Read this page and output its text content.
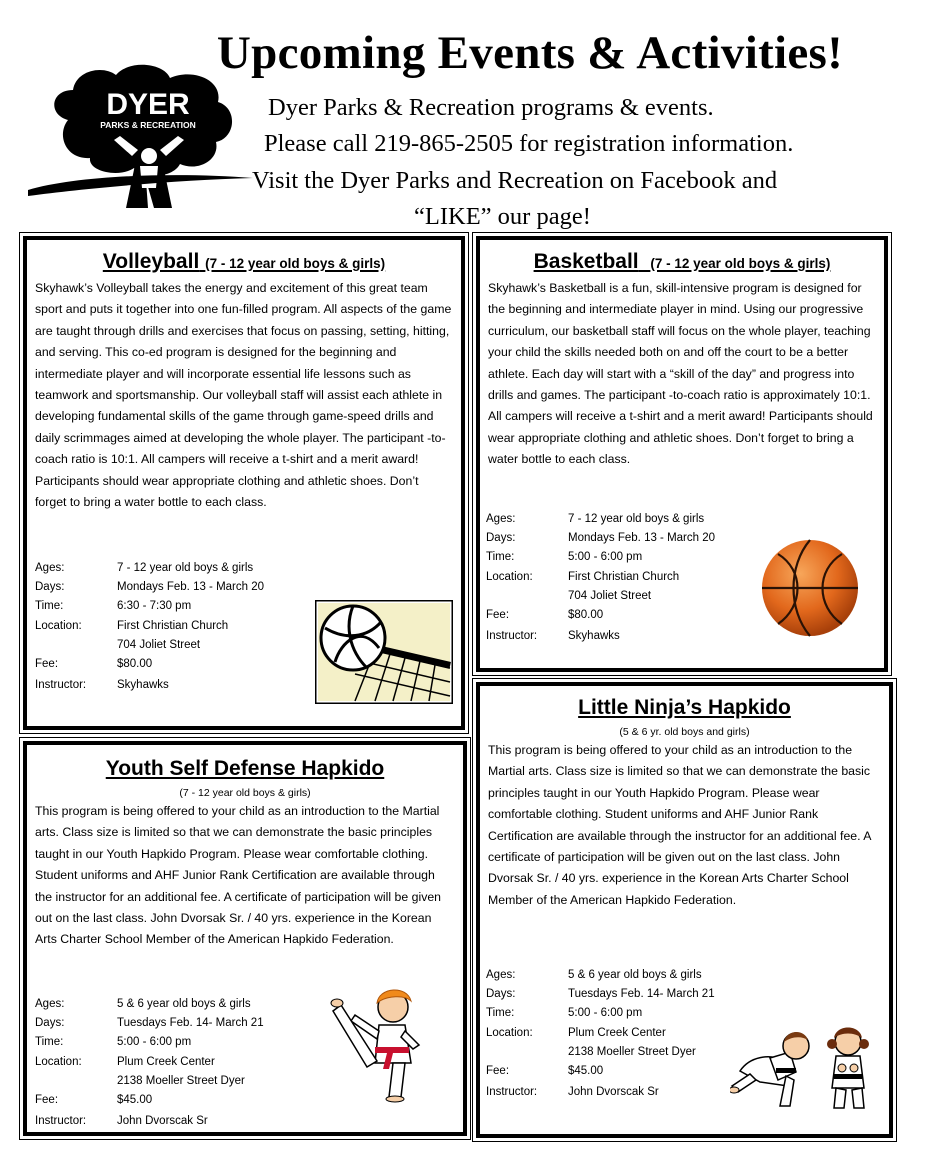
DYER
PARKS & RECREATION
Upcoming Events & Activities!
Dyer Parks & Recreation programs & events.
Please call 219-865-2505 for registration information.
Visit the Dyer Parks and Recreation on Facebook and
“LIKE” our page!
Volleyball (7 - 12 year old boys & girls)
Skyhawk’s Volleyball takes the energy and excitement of this great team sport and puts it together into one fun-filled program. All aspects of the game are taught through drills and exercises that focus on passing, setting, hitting, and serving. This co-ed program is designed for the beginning and intermediate player and will incorporate essential life lessons such as teamwork and sportsmanship. Our volleyball staff will assist each athlete in developing fundamental skills of the game through game-speed drills and daily scrimmages aimed at developing the whole player. The participant -to-coach ratio is 10:1. All campers will receive a t-shirt and a merit award! Participants should wear appropriate clothing and athletic shoes. Don’t forget to bring a water bottle to each class.
Ages:	7 - 12 year old boys & girls
Days:	Mondays Feb. 13 - March 20
Time:	6:30 - 7:30 pm
Location:	First Christian Church
704 Joliet Street
Fee:	$80.00
Instructor:	Skyhawks
Basketball (7 - 12 year old boys & girls)
Skyhawk’s Basketball is a fun, skill-intensive program is designed for the beginning and intermediate player in mind. Using our progressive curriculum, our basketball staff will focus on the whole player, teaching your child the skills needed both on and off the court to be a better athlete. Each day will start with a “skill of the day” and progress into drills and games. The participant -to-coach ratio is approximately 10:1. All campers will receive a t-shirt and a merit award! Participants should wear appropriate clothing and athletic shoes. Don’t forget to bring a water bottle to each class.
Ages:	7 - 12 year old boys & girls
Days:	Mondays Feb. 13 - March 20
Time:	5:00 - 6:00 pm
Location:	First Christian Church
704 Joliet Street
Fee:	$80.00
Instructor:	Skyhawks
Little Ninja’s Hapkido
(5 & 6 yr. old boys and girls)
This program is being offered to your child as an introduction to the Martial arts. Class size is limited so that we can demonstrate the basic principles taught in our Youth Hapkido Program. Please wear comfortable clothing. Student uniforms and AHF Junior Rank Certification are available through the instructor for an additional fee. A certificate of participation will be given out on the last class. John Dvorsak Sr. / 40 yrs. experience in the Korean Arts Charter School Member of the American Hapkido Federation.
Ages:	5 & 6 year old boys & girls
Days:	Tuesdays Feb. 14- March 21
Time:	5:00 - 6:00 pm
Location:	Plum Creek Center
2138 Moeller Street Dyer
Fee:	$45.00
Instructor:	John Dvorscak Sr
Youth Self Defense Hapkido
(7 - 12 year old boys & girls)
This program is being offered to your child as an introduction to the Martial arts. Class size is limited so that we can demonstrate the basic principles taught in our Youth Hapkido Program. Please wear comfortable clothing. Student uniforms and AHF Junior Rank Certification are available through the instructor for an additional fee. A certificate of participation will be given out on the last class. John Dvorsak Sr. / 40 yrs. experience in the Korean Arts Charter School Member of the American Hapkido Federation.
Ages:	5 & 6 year old boys & girls
Days:	Tuesdays Feb. 14- March 21
Time:	5:00 - 6:00 pm
Location:	Plum Creek Center
2138 Moeller Street Dyer
Fee:	$45.00
Instructor:	John Dvorscak Sr
